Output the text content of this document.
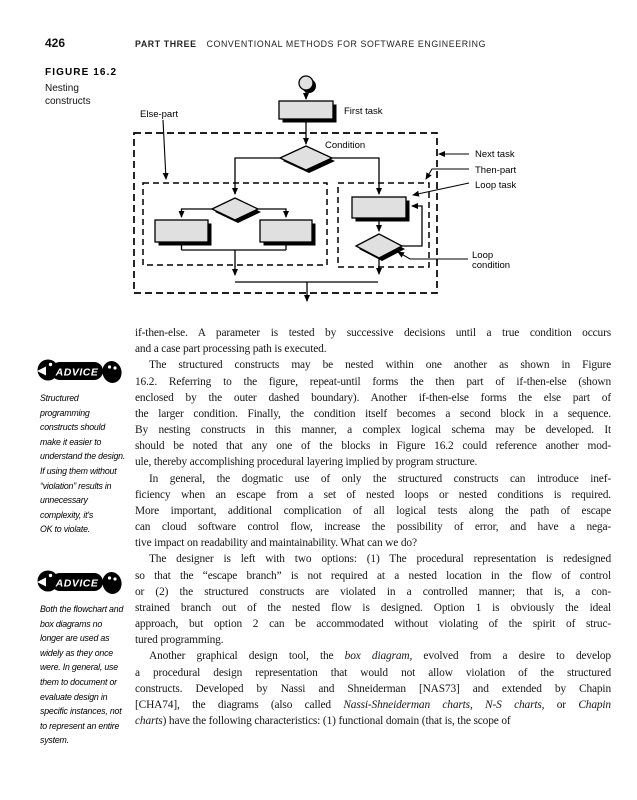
426	PART THREE CONVENTIONAL METHODS FOR SOFTWARE ENGINEERING
FIGURE 16.2
Nesting
constructs
First task
Condition
Else-part
Next task
Then-part
Loop task
Loop
condition
ADVICE
Structured
programming
constructs should
make it easier to
understand the design.
If using them without
“violation” results in
unnecessary
complexity, it's
OK to violate.
ADVICE
Both the flowchart and
box diagrams no
longer are used as
widely as they once
were. In general, use
them to document or
evaluate design in
specific instances, not
to represent an entire
system.
if-then-else. A parameter is tested by successive decisions until a true condition occurs
and a case part processing path is executed.
The structured constructs may be nested within one another as shown in Figure
16.2. Referring to the figure, repeat-until forms the then part of if-then-else (shown
enclosed by the outer dashed boundary). Another if-then-else forms the else part of
the larger condition. Finally, the condition itself becomes a second block in a sequence.
By nesting constructs in this manner, a complex logical schema may be developed. It
should be noted that any one of the blocks in Figure 16.2 could reference another mod-
ule, thereby accomplishing procedural layering implied by program structure.
In general, the dogmatic use of only the structured constructs can introduce inef-
ficiency when an escape from a set of nested loops or nested conditions is required.
More important, additional complication of all logical tests along the path of escape
can cloud software control flow, increase the possibility of error, and have a nega-
tive impact on readability and maintainability. What can we do?
The designer is left with two options: (1) The procedural representation is redesigned
so that the “escape branch” is not required at a nested location in the flow of control
or (2) the structured constructs are violated in a controlled manner; that is, a con-
strained branch out of the nested flow is designed. Option 1 is obviously the ideal
approach, but option 2 can be accommodated without violating of the spirit of struc-
tured programming.
Another graphical design tool, the box diagram, evolved from a desire to develop
a procedural design representation that would not allow violation of the structured
constructs. Developed by Nassi and Shneiderman [NAS73] and extended by Chapin
[CHA74], the diagrams (also called Nassi-Shneiderman charts, N-S charts, or Chapin
charts) have the following characteristics: (1) functional domain (that is, the scope of
